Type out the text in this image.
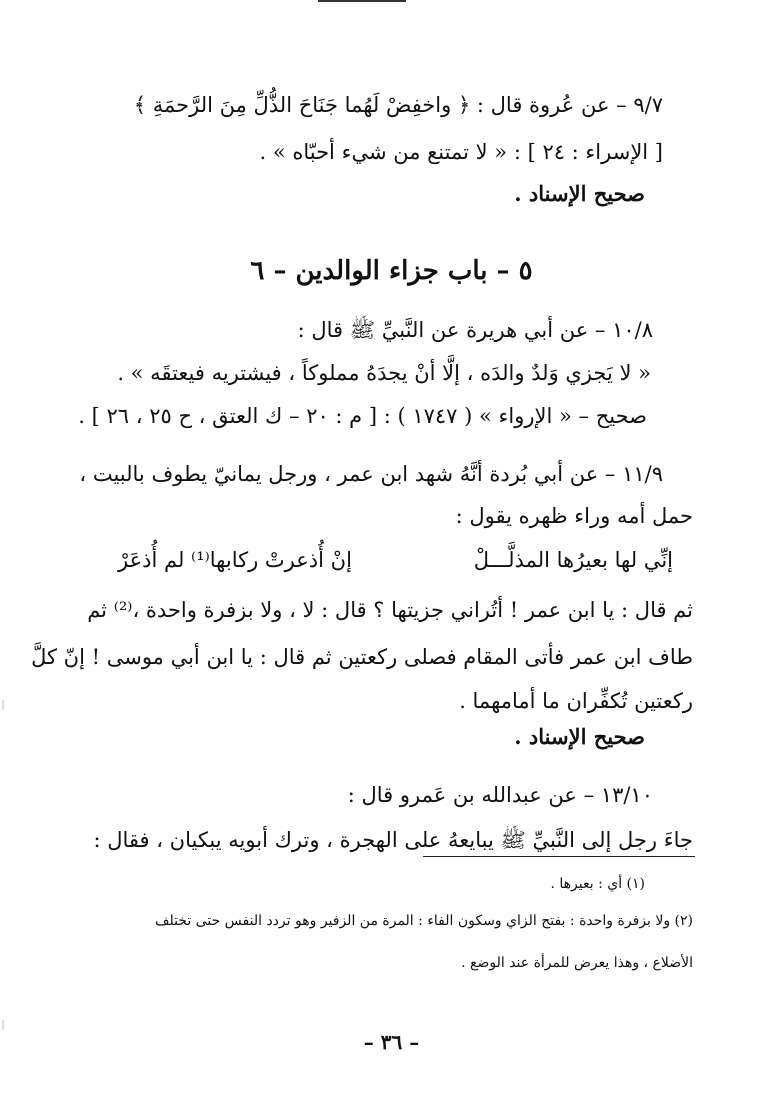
٩/٧ – عن عُروة قال : ﴿ واخفِضْ لَهُما جَنَاحَ الذُّلِّ مِنَ الرَّحمَةِ ﴾
[ الإسراء : ٢٤ ] : « لا تمتنع من شيء أحبّاه » .
صحيح الإسناد .
٥ – باب جزاء الوالدين – ٦
١٠/٨ – عن أبي هريرة عن النَّبيِّ ﷺ قال :
« لا يَجزي وَلدٌ والدَه ، إلَّا أنْ يجدَهُ مملوكاً ، فيشتريه فيعتقَه » .
صحيح – « الإرواء » ( ١٧٤٧ ) : [ م : ٢٠ – ك العتق ، ح ٢٥ ، ٢٦ ] .
١١/٩ – عن أبي بُردة أنَّهُ شهد ابن عمر ، ورجل يمانيّ يطوف بالبيت ،
حمل أمه وراء ظهره يقول :
إنِّي لها بعيرُها المذلَّـــلْ
إنْ أُذعرتْ ركابها⁽¹⁾ لم أُذعَرْ
ثم قال : يا ابن عمر ! أتُراني جزيتها ؟ قال : لا ، ولا بزفرة واحدة ،⁽²⁾ ثم
طاف ابن عمر فأتى المقام فصلى ركعتين ثم قال : يا ابن أبي موسى ! إنّ كلَّ
ركعتين تُكفِّران ما أمامهما .
صحيح الإسناد .
١٣/١٠ – عن عبدالله بن عَمرو قال :
جاءَ رجل إلى النَّبيِّ ﷺ يبايعهُ على الهجرة ، وترك أبويه يبكيان ، فقال :
(١) أي : بعيرها .
(٢) ولا بزفرة واحدة : بفتح الزاي وسكون الفاء : المرة من الزفير وهو تردد النفس حتى تختلف
الأضلاع ، وهذا يعرض للمرأة عند الوضع .
– ٣٦ –
